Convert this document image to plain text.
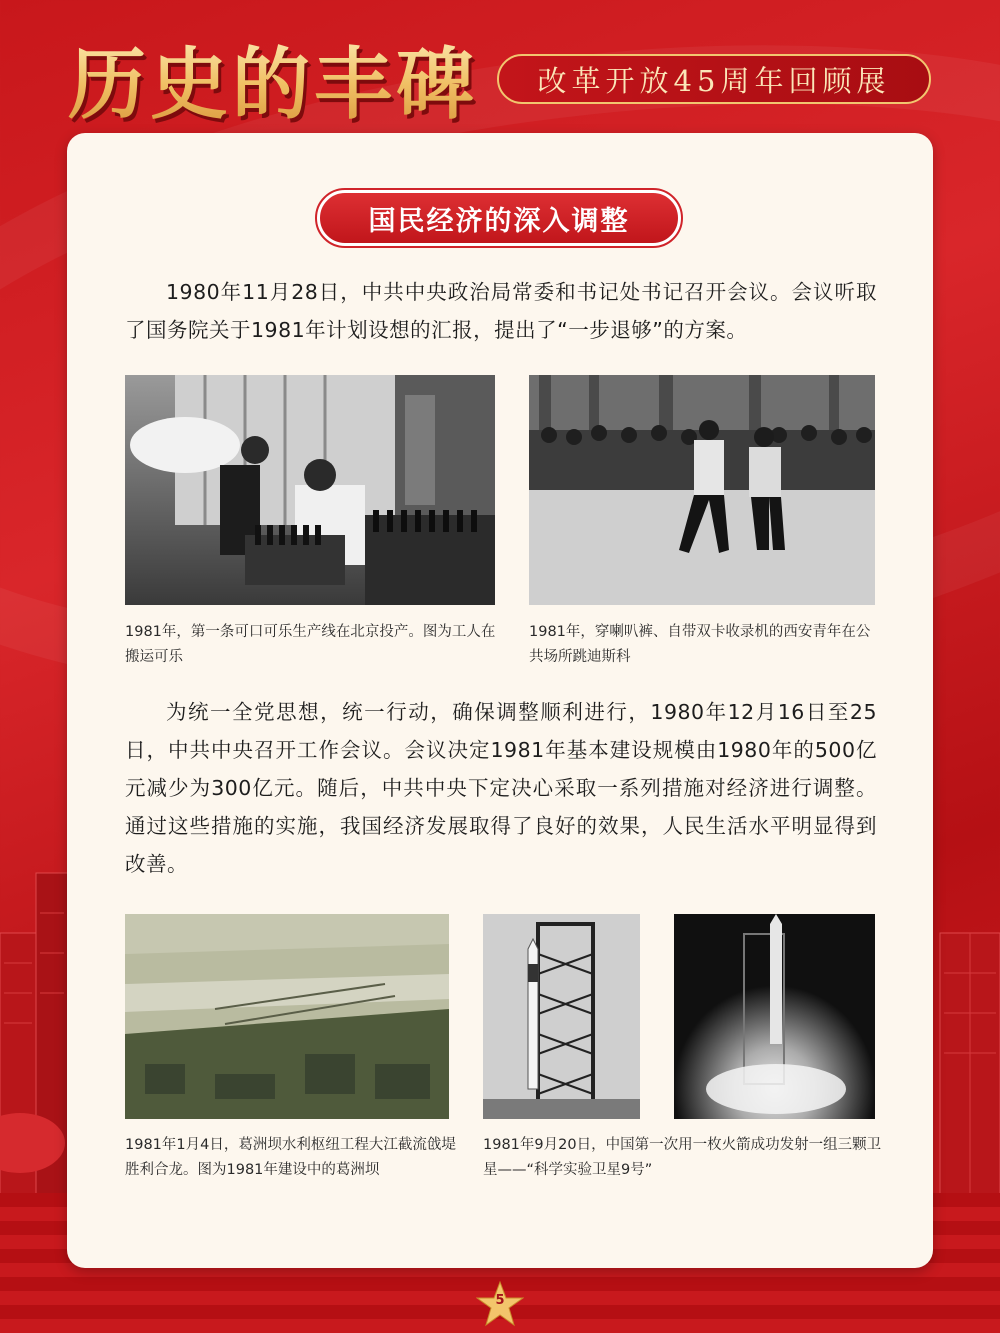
历史的丰碑	改革开放45周年回顾展
国民经济的深入调整

1980年11月28日，中共中央政治局常委和书记处书记召开会议。会议听取了国务院关于1981年计划设想的汇报，提出了“一步退够”的方案。

1981年，第一条可口可乐生产线在北京投产。图为工人在搬运可乐

1981年，穿喇叭裤、自带双卡收录机的西安青年在公共场所跳迪斯科

为统一全党思想，统一行动，确保调整顺利进行，1980年12月16日至25日，中共中央召开工作会议。会议决定1981年基本建设规模由1980年的500亿元减少为300亿元。随后，中共中央下定决心采取一系列措施对经济进行调整。通过这些措施的实施，我国经济发展取得了良好的效果，人民生活水平明显得到改善。

1981年1月4日，葛洲坝水利枢纽工程大江截流戗堤胜利合龙。图为1981年建设中的葛洲坝

1981年9月20日，中国第一次用一枚火箭成功发射一组三颗卫星——“科学实验卫星9号”

5
